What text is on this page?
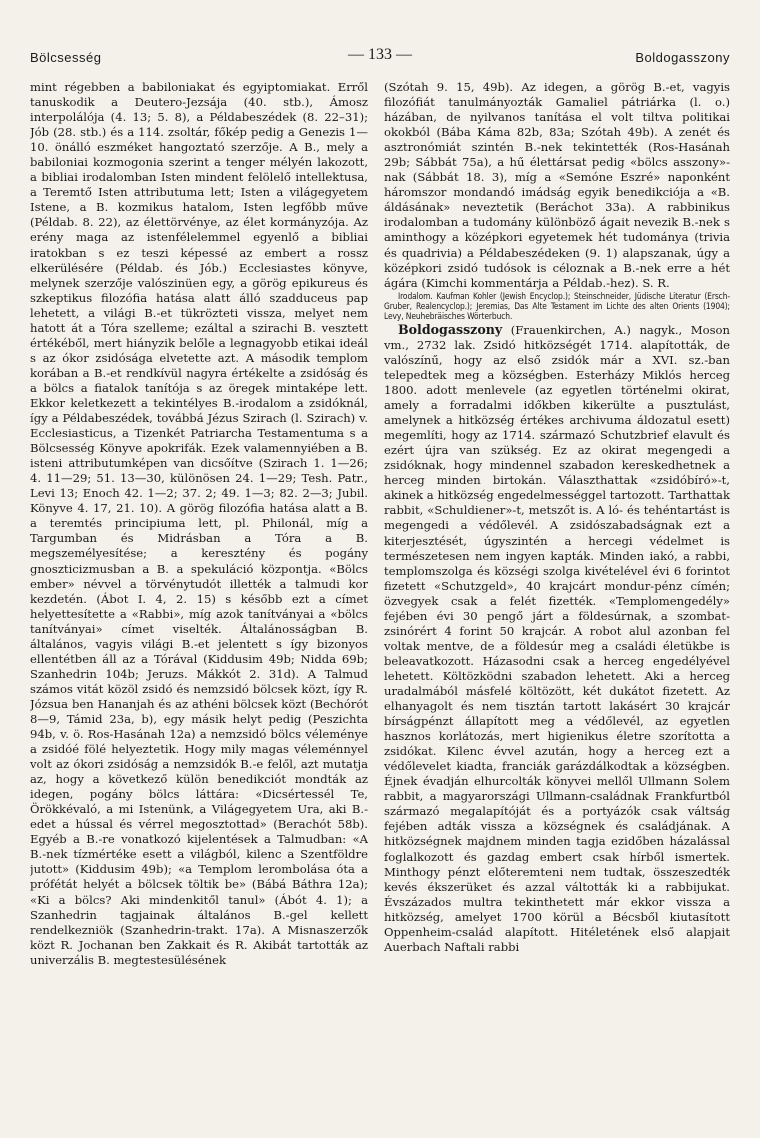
Bölcsesség	— 133 —	Boldogasszony

mint régebben a babiloniakat és egyiptomiakat. Erről tanuskodik a Deutero-Jezsája (40. stb.), Ámosz interpolálója (4. 13; 5. 8), a Példabeszédek (8. 22–31); Jób (28. stb.) és a 114. zsoltár, főkép pedig a Genezis 1—10. önálló eszméket hangoztató szerzője. A B., mely a babiloniai kozmogonia szerint a tenger mélyén lakozott, a bibliai irodalomban Isten mindent felölelő intellektusa, a Teremtő Isten attributuma lett; Isten a világegyetem Istene, a B. kozmikus hatalom, Isten legfőbb műve (Példab. 8. 22), az élettörvénye, az élet kormányzója. Az erény maga az istenfélelemmel egyenlő a bibliai iratokban s ez teszi képessé az embert a rossz elkerülésére (Példab. és Jób.) Ecclesiastes könyve, melynek szerzője valószinüen egy, a görög epikureus és szkeptikus filozófia hatása alatt álló szadduceus pap lehetett, a világi B.-et tükrözteti vissza, melyet nem hatott át a Tóra szelleme; ezáltal a szirachi B. vesztett értékéből, mert hiányzik belőle a legnagyobb etikai ideál s az ókor zsidósága elvetette azt. A második templom korában a B.-et rendkívül nagyra értékelte a zsidóság és a bölcs a fiatalok tanítója s az öregek mintaképe lett. Ekkor keletkezett a tekintélyes B.-irodalom a zsidóknál, így a Példabeszédek, továbbá Jézus Szirach (l. Szirach) v. Ecclesiasticus, a Tizenkét Patriarcha Testamentuma s a Bölcsesség Könyve apokrifák. Ezek valamennyiében a B. isteni attributumképen van dicsőítve (Szirach 1. 1—26; 4. 11—29; 51. 13—30, különösen 24. 1—29; Tesh. Patr., Levi 13; Enoch 42. 1—2; 37. 2; 49. 1—3; 82. 2—3; Jubil. Könyve 4. 17, 21. 10). A görög filozófia hatása alatt a B. a teremtés principiuma lett, pl. Philonál, míg a Targumban és Midrásban a Tóra a B. megszemélyesítése; a keresztény és pogány gnoszticizmusban a B. a spekuláció központja. «Bölcs ember» névvel a törvénytudót illették a talmudi kor kezdetén. (Ábot I. 4, 2. 15) s később ezt a címet helyettesítette a «Rabbi», míg azok tanítványai a «bölcs tanítványai» címet viselték. Általánosságban B. általános, vagyis világi B.-et jelentett s így bizonyos ellentétben áll az a Tórával (Kiddusim 49b; Nidda 69b; Szanhedrin 104b; Jeruzs. Mákkót 2. 31d). A Talmud számos vitát közöl zsidó és nemzsidó bölcsek közt, így R. Józsua ben Hananjah és az athéni bölcsek közt (Bechórót 8—9, Támid 23a, b), egy másik helyt pedig (Peszichta 94b, v. ö. Ros-Hasánah 12a) a nemzsidó bölcs véleménye a zsidóé fölé helyeztetik. Hogy mily magas véleménnyel volt az ókori zsidóság a nemzsidók B.-e felől, azt mutatja az, hogy a következő külön benedikciót mondták az idegen, pogány bölcs láttára: «Dicsértessél Te, Örökkévaló, a mi Istenünk, a Világegyetem Ura, aki B.-edet a hússal és vérrel megosztottad» (Berachót 58b). Egyéb a B.-re vonatkozó kijelentések a Talmudban: «A B.-nek tízmértéke esett a világból, kilenc a Szentföldre jutott» (Kiddusim 49b); «a Templom lerombolása óta a prófétát helyét a bölcsek töltik be» (Bábá Báthra 12a); «Ki a bölcs? Aki mindenkitől tanul» (Ábót 4. 1); a Szanhedrin tagjainak általános B.-gel kellett rendelkezniök (Szanhedrin-trakt. 17a). A Misnaszerzők közt R. Jochanan ben Zakkait és R. Akibát tartották az univerzális B. megtestesülésének

(Szótah 9. 15, 49b). Az idegen, a görög B.-et, vagyis filozófiát tanulmányozták Gamaliel pátriárka (l. o.) házában, de nyilvanos tanítása el volt tiltva politikai okokból (Bába Káma 82b, 83a; Szótah 49b). A zenét és asztronómiát szintén B.-nek tekintették (Ros-Hasánah 29b; Sábbát 75a), a hű élettársat pedig «bölcs asszony»-nak (Sábbát 18. 3), míg a «Semóne Eszré» naponként háromszor mondandó imádság egyik benedikciója a «B. áldásának» neveztetik (Beráchot 33a). A rabbinikus irodalomban a tudomány különböző ágait nevezik B.-nek s aminthogy a középkori egyetemek hét tudománya (trivia és quadrivia) a Példabeszédeken (9. 1) alapszanak, úgy a középkori zsidó tudósok is céloznak a B.-nek erre a hét ágára (Kimchi kommentárja a Példab.-hez). S. R.

Irodalom. Kaufman Kohler (Jewish Encyclop.); Steinschneider, Jüdische Literatur (Ersch-Gruber, Realencyclop.); Jeremias, Das Alte Testament im Lichte des alten Orients (1904); Levy, Neuhebräisches Wörterbuch.

Boldogasszony (Frauenkirchen, A.) nagyk., Moson vm., 2732 lak. Zsidó hitközségét 1714. alapították, de valószínű, hogy az első zsidók már a XVI. sz.-ban telepedtek meg a községben. Esterházy Miklós herceg 1800. adott menlevele (az egyetlen történelmi okirat, amely a forradalmi időkben kikerülte a pusztulást, amelynek a hitközség értékes archivuma áldozatul esett) megemlíti, hogy az 1714. származó Schutzbrief elavult és ezért újra van szükség. Ez az okirat megengedi a zsidóknak, hogy mindennel szabadon kereskedhetnek a herceg minden birtokán. Választhattak «zsidóbíró»-t, akinek a hitközség engedelmességgel tartozott. Tarthattak rabbit, «Schuldiener»-t, metszőt is. A ló- és tehéntartást is megengedi a védőlevél. A zsidószabadságnak ezt a kiterjesztését, úgyszintén a hercegi védelmet is természetesen nem ingyen kapták. Minden iakó, a rabbi, templomszolga és községi szolga kivételével évi 6 forintot fizetett «Schutzgeld», 40 krajcárt mondur-pénz címén; özvegyek csak a felét fizették. «Templomengedély» fejében évi 30 pengő járt a földesúrnak, a szombat-zsinórért 4 forint 50 krajcár. A robot alul azonban fel voltak mentve, de a földesúr meg a családi életükbe is beleavatkozott. Házasodni csak a herceg engedélyével lehetett. Költözködni szabadon lehetett. Aki a herceg uradalmából másfelé költözött, két dukátot fizetett. Az elhanyagolt és nem tisztán tartott lakásért 30 krajcár bírságpénzt állapított meg a védőlevél, az egyetlen hasznos korlátozás, mert higienikus életre szorította a zsidókat. Kilenc évvel azután, hogy a herceg ezt a védőlevelet kiadta, franciák garázdálkodtak a községben. Éjnek évadján elhurcolták könyvei mellől Ullmann Solem rabbit, a magyarországi Ullmann-családnak Frankfurtból származó megalapítóját és a portyázók csak váltság fejében adták vissza a községnek és családjának. A hitközségnek majdnem minden tagja ezidőben házalással foglalkozott és gazdag embert csak hírből ismertek. Minthogy pénzt előteremteni nem tudtak, összeszedték kevés ékszerüket és azzal váltották ki a rabbijukat. Évszázados multra tekinthetett már ekkor vissza a hitközség, amelyet 1700 körül a Bécsből kiutasított Oppenheim-család alapított. Hitéletének első alapjait Auerbach Naftali rabbi
